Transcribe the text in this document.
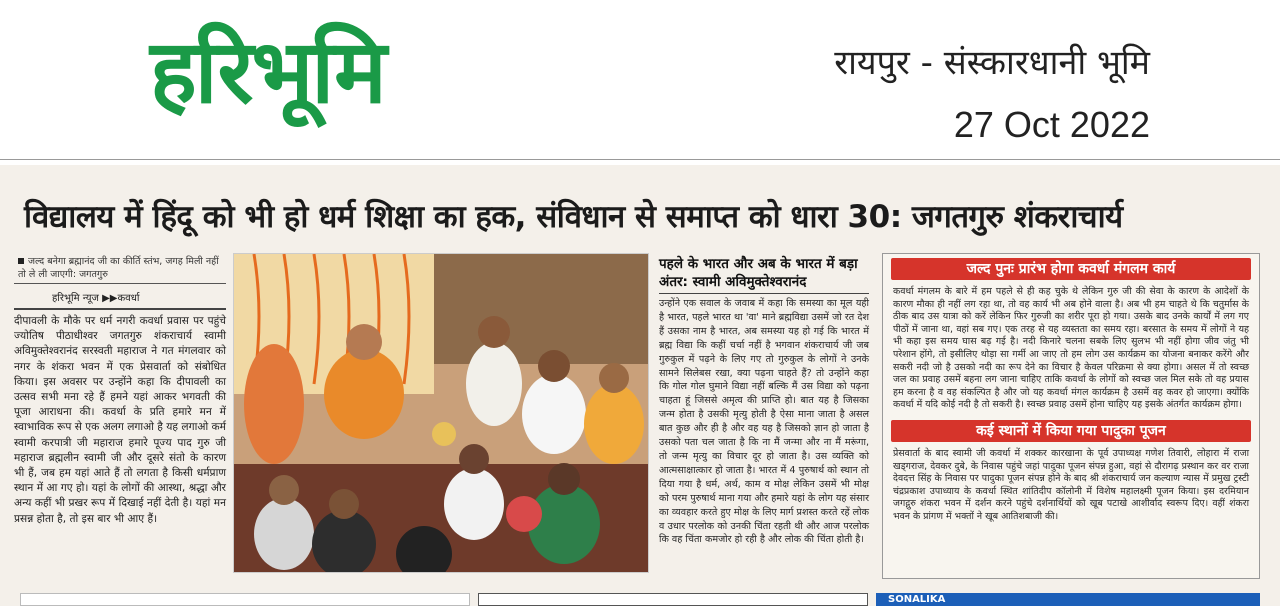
हरिभूमि	रायपुर - संस्कारधानी भूमि
27 Oct 2022
विद्यालय में हिंदू को भी हो धर्म शिक्षा का हक, संविधान से समाप्त को धारा 30: जगतगुरु शंकराचार्य
जल्द बनेगा ब्रह्मानंद जी का कीर्ति स्तंभ, जगह मिली नहीं तो ले ली जाएगी: जगतगुरु
हरिभूमि न्यूज ▶▶कवर्धा
दीपावली के मौके पर धर्म नगरी कवर्धा प्रवास पर पहुंचे ज्योतिष पीठाधीश्वर जगतगुरु शंकराचार्य स्वामी अविमुक्तेश्वरानंद सरस्वती महाराज ने गत मंगलवार को नगर के शंकरा भवन में एक प्रेसवार्ता को संबोधित किया। इस अवसर पर उन्होंने कहा कि दीपावली का उत्सव सभी मना रहे हैं हमने यहां आकर भगवती की पूजा आराधना की। कवर्धा के प्रति हमारे मन में स्वाभाविक रूप से एक अलग लगाओ है यह लगाओ कर्म स्वामी करपात्री जी महाराज हमारे पूज्य पाद गुरु जी महाराज ब्रह्मलीन स्वामी जी और दूसरे संतो के कारण भी हैं, जब हम यहां आते हैं तो लगता है किसी धर्मप्राण स्थान में आ गए हो। यहां के लोगों की आस्था, श्रद्धा और अन्य कहीं भी प्रखर रूप में दिखाई नहीं देती है। यहां मन प्रसन्न होता है, तो इस बार भी आए हैं।
पहले के भारत और अब के भारत में बड़ा अंतर: स्वामी अविमुक्तेश्वरानंद
उन्होंने एक सवाल के जवाब में कहा कि समस्या का मूल यही है भारत, पहले भारत था 'वा' माने ब्रह्मविद्या उसमें जो रत देश हैं उसका नाम है भारत, अब समस्या यह हो गई कि भारत में ब्रह्म विद्या कि कहीं चर्चा नहीं है भगवान शंकराचार्य जी जब गुरुकुल में पढ़ने के लिए गए तो गुरुकुल के लोगों ने उनके सामने सिलेबस रखा, क्या पढ़ना चाहते हैं? तो उन्होंने कहा कि गोल गोल घुमाने विद्या नहीं बल्कि मैं उस विद्या को पढ़ना चाहता हूं जिससे अमृत्व की प्राप्ति हो। बात यह है जिसका जन्म होता है उसकी मृत्यु होती है ऐसा माना जाता है असल बात कुछ और ही है और वह यह है जिसको ज्ञान हो जाता है उसको पता चल जाता है कि ना मैं जन्मा और ना मैं मरूंगा, तो जन्म मृत्यु का विचार दूर हो जाता है। उस व्यक्ति को आत्मसाक्षात्कार हो जाता है। भारत में 4 पुरुषार्थ को स्थान तो दिया गया है धर्म, अर्थ, काम व मोक्ष लेकिन उसमें भी मोक्ष को परम पुरुषार्थ माना गया और हमारे यहां के लोग यह संसार का व्यवहार करते हुए मोक्ष के लिए मार्ग प्रशस्त करते रहें लोक व उधार परलोक को उनकी चिंता रहती थी और आज परलोक कि वह चिंता कमजोर हो रही है और लोक की चिंता होती है।
जल्द पुनः प्रारंभ होगा कवर्धा मंगलम कार्य
कवर्धा मंगलम के बारे में हम पहले से ही कह चुके थे लेकिन गुरु जी की सेवा के कारण के आदेशों के कारण मौका ही नहीं लग रहा था, तो वह कार्य भी अब होने वाला है। अब भी हम चाहते थे कि चतुर्मास के ठीक बाद उस यात्रा को करें लेकिन फिर गुरुजी का शरीर पूरा हो गया। उसके बाद उनके कार्यों में लग गए पीठों में जाना था, वहां सब गए। एक तरह से यह व्यस्तता का समय रहा। बरसात के समय में लोगों ने यह भी कहा इस समय घास बढ़ गई है। नदी किनारे चलना सबके लिए सुलभ भी नहीं होगा जीव जंतु भी परेशान होंगे, तो इसीलिए थोड़ा सा गर्मी आ जाए तो हम लोग उस कार्यक्रम का योजना बनाकर करेंगे और सकरी नदी जो है उसको नदी का रूप देने का विचार है केवल परिक्रमा से क्या होगा। असल में तो स्वच्छ जल का प्रवाह उसमें बहना लग जाना चाहिए ताकि कवर्धा के लोगों को स्वच्छ जल मिल सके तो वह प्रयास हम करना है व वह संकल्पित है और जो यह कवर्धा मंगल कार्यक्रम है उसमें वह कवर हो जाएगा। क्योंकि कवर्धा में यदि कोई नदी है तो सकरी है। स्वच्छ प्रवाह उसमें होना चाहिए यह इसके अंतर्गत कार्यक्रम होगा।
कई स्थानों में किया गया पादुका पूजन
प्रेसवार्ता के बाद स्वामी जी कवर्धा में शक्कर कारखाना के पूर्व उपाध्यक्ष गणेश तिवारी, लोहारा में राजा खड्गराज, देवकर दुबे, के निवास पहुंचे जहां पादुका पूजन संपन्न हुआ, वहां से दौरागढ़ प्रस्थान कर वर राजा देवदत्त सिंह के निवास पर पादुका पूजन संपन्न होने के बाद श्री शंकराचार्य जन कल्याण न्यास में प्रमुख ट्रस्टी चंद्रप्रकाश उपाध्याय के कवर्धा स्थित शांतिदीप कॉलोनी में विशेष महालक्ष्मी पूजन किया। इस दरमियान जगद्गुरु शंकरा भवन में दर्शन करने पहुंचे दर्शनार्थियों को खूब पटाखे आशीर्वाद स्वरूप दिए। वहीं शंकरा भवन के प्रांगण में भक्तों ने खूब आतिशबाजी की।
SONALIKA
